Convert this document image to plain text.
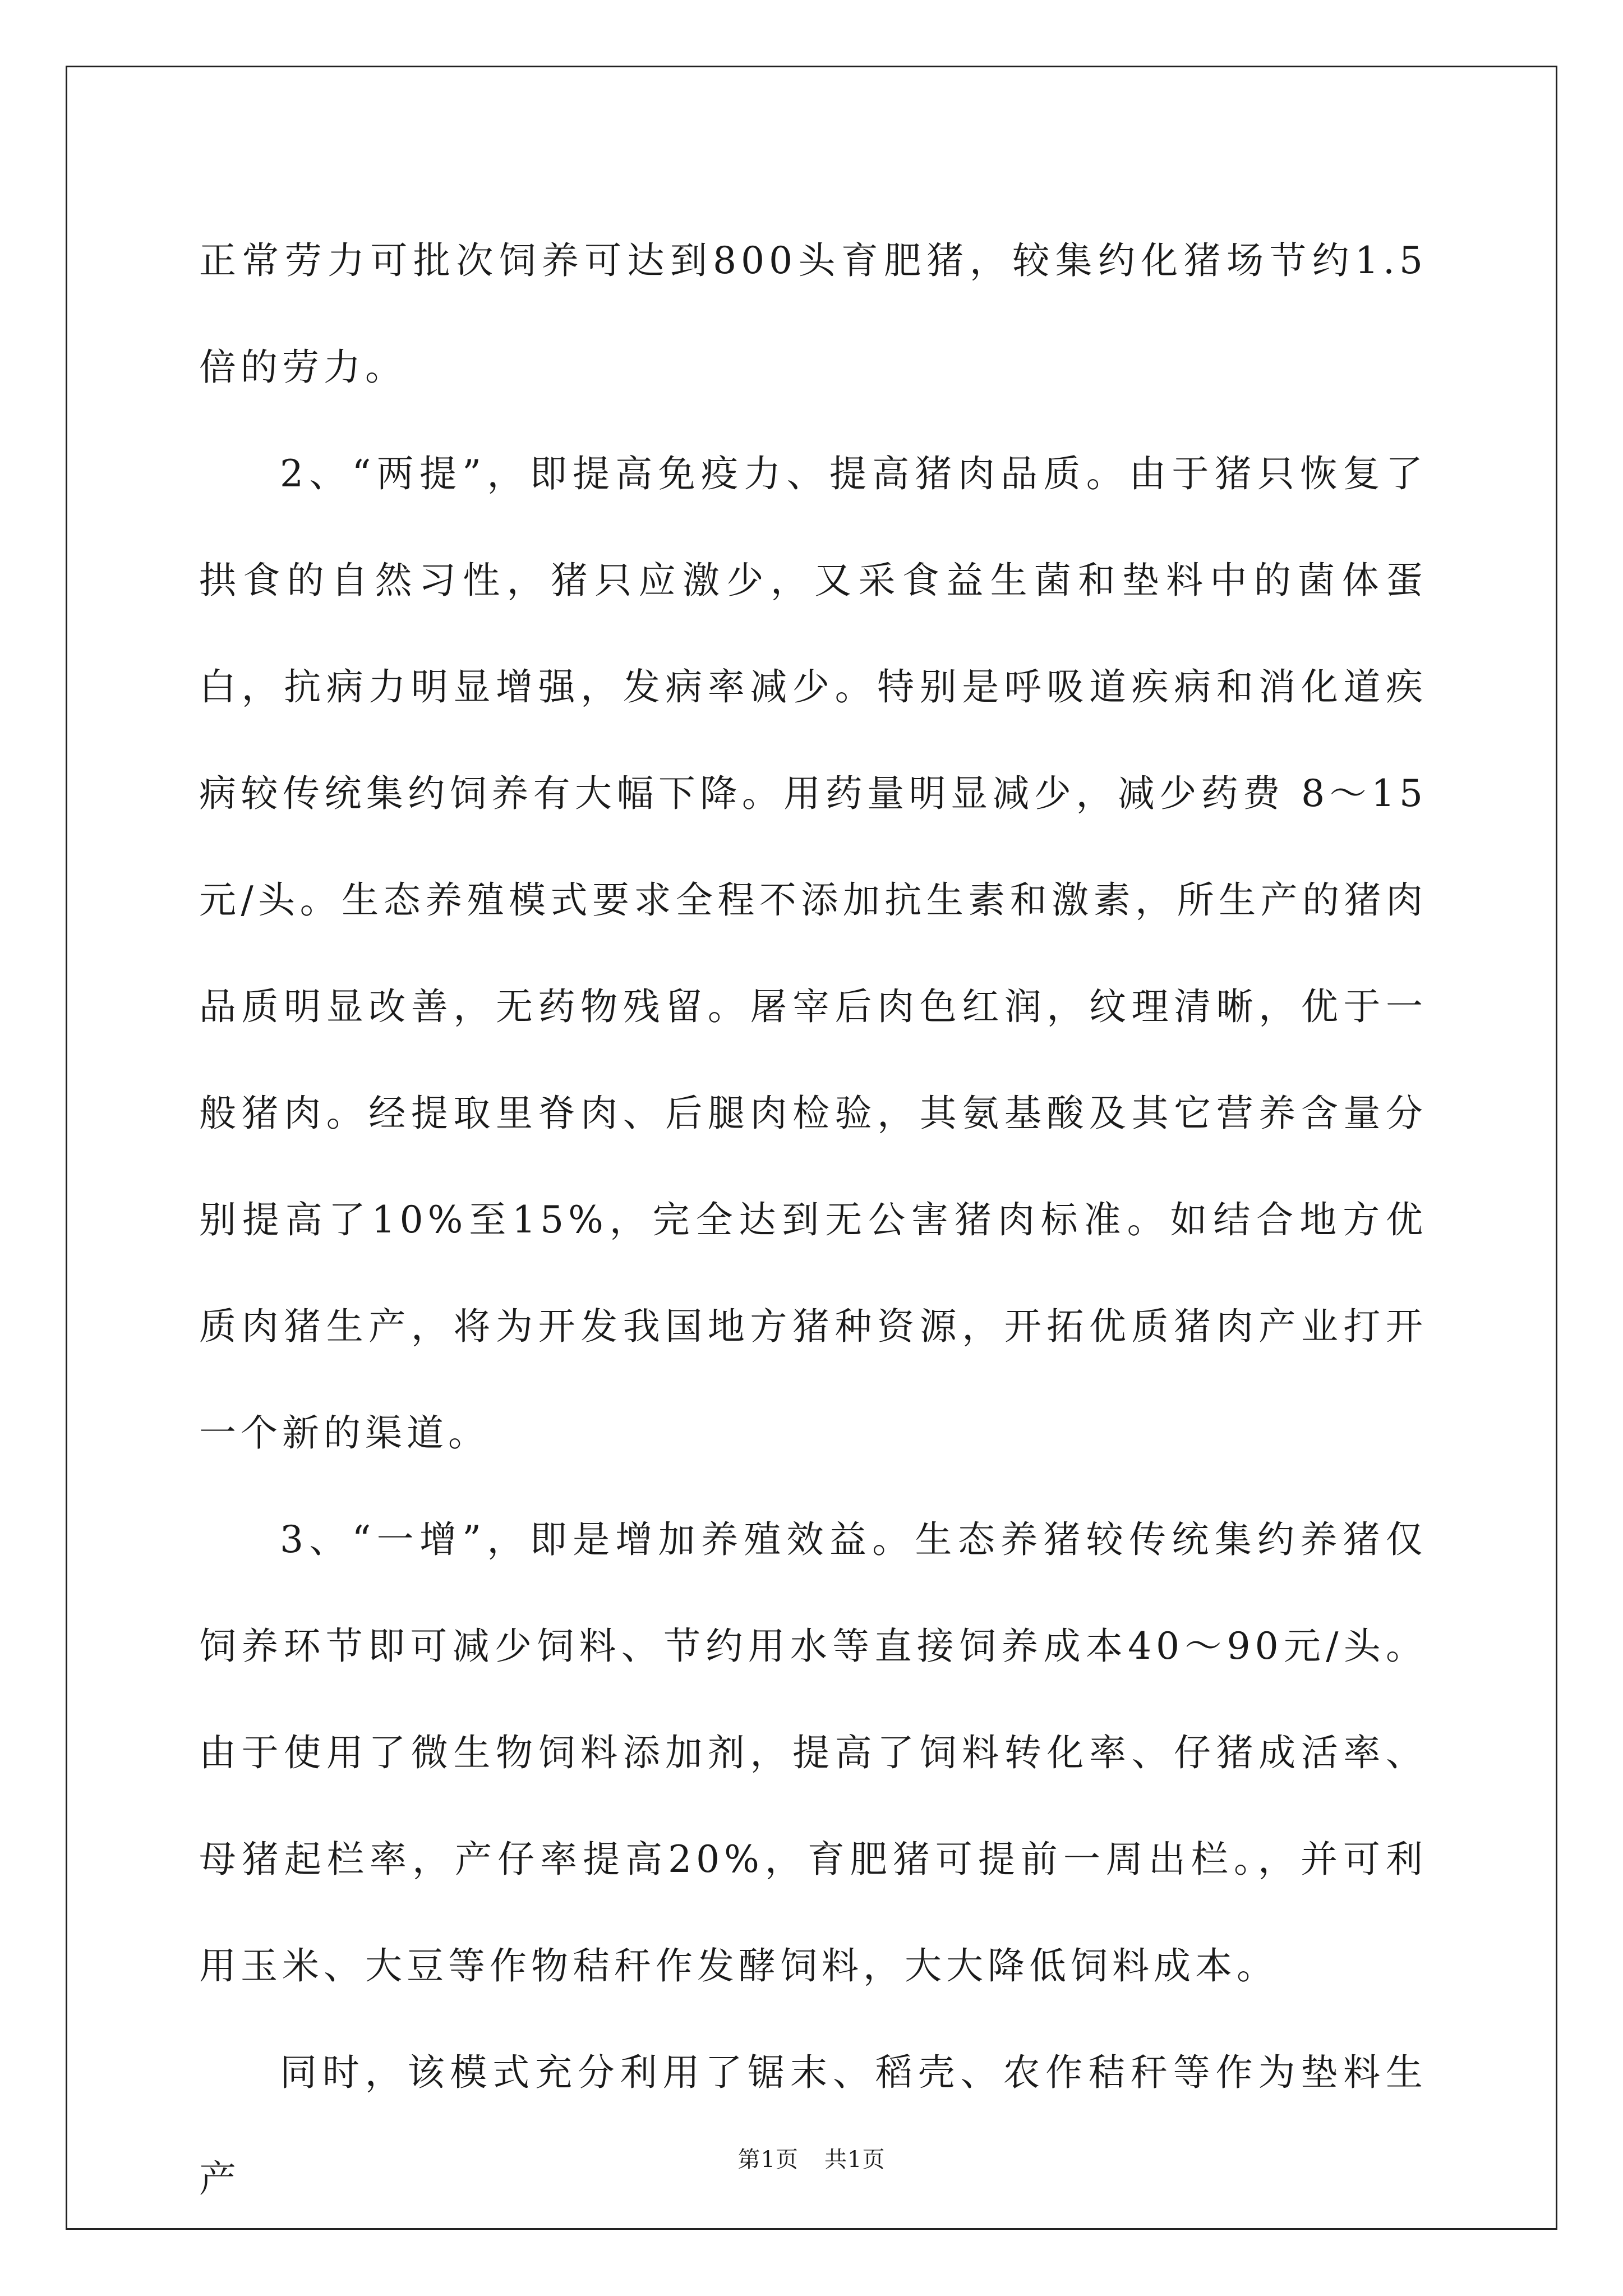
正常劳力可批次饲养可达到800头育肥猪，较集约化猪场节约1.5倍的劳力。

2、“两提”，即提高免疫力、提高猪肉品质。由于猪只恢复了拱食的自然习性，猪只应激少，又采食益生菌和垫料中的菌体蛋白，抗病力明显增强，发病率减少。特别是呼吸道疾病和消化道疾病较传统集约饲养有大幅下降。用药量明显减少，减少药费 8～15元/头。生态养殖模式要求全程不添加抗生素和激素，所生产的猪肉品质明显改善，无药物残留。屠宰后肉色红润，纹理清晰，优于一般猪肉。经提取里脊肉、后腿肉检验，其氨基酸及其它营养含量分别提高了10%至15%，完全达到无公害猪肉标准。如结合地方优质肉猪生产，将为开发我国地方猪种资源，开拓优质猪肉产业打开一个新的渠道。

3、“一增”，即是增加养殖效益。生态养猪较传统集约养猪仅饲养环节即可减少饲料、节约用水等直接饲养成本40～90元/头。由于使用了微生物饲料添加剂，提高了饲料转化率、仔猪成活率、母猪起栏率，产仔率提高20%，育肥猪可提前一周出栏。，并可利用玉米、大豆等作物秸秆作发酵饲料，大大降低饲料成本。

同时，该模式充分利用了锯末、稻壳、农作秸秆等作为垫料生产	第1页 共1页
